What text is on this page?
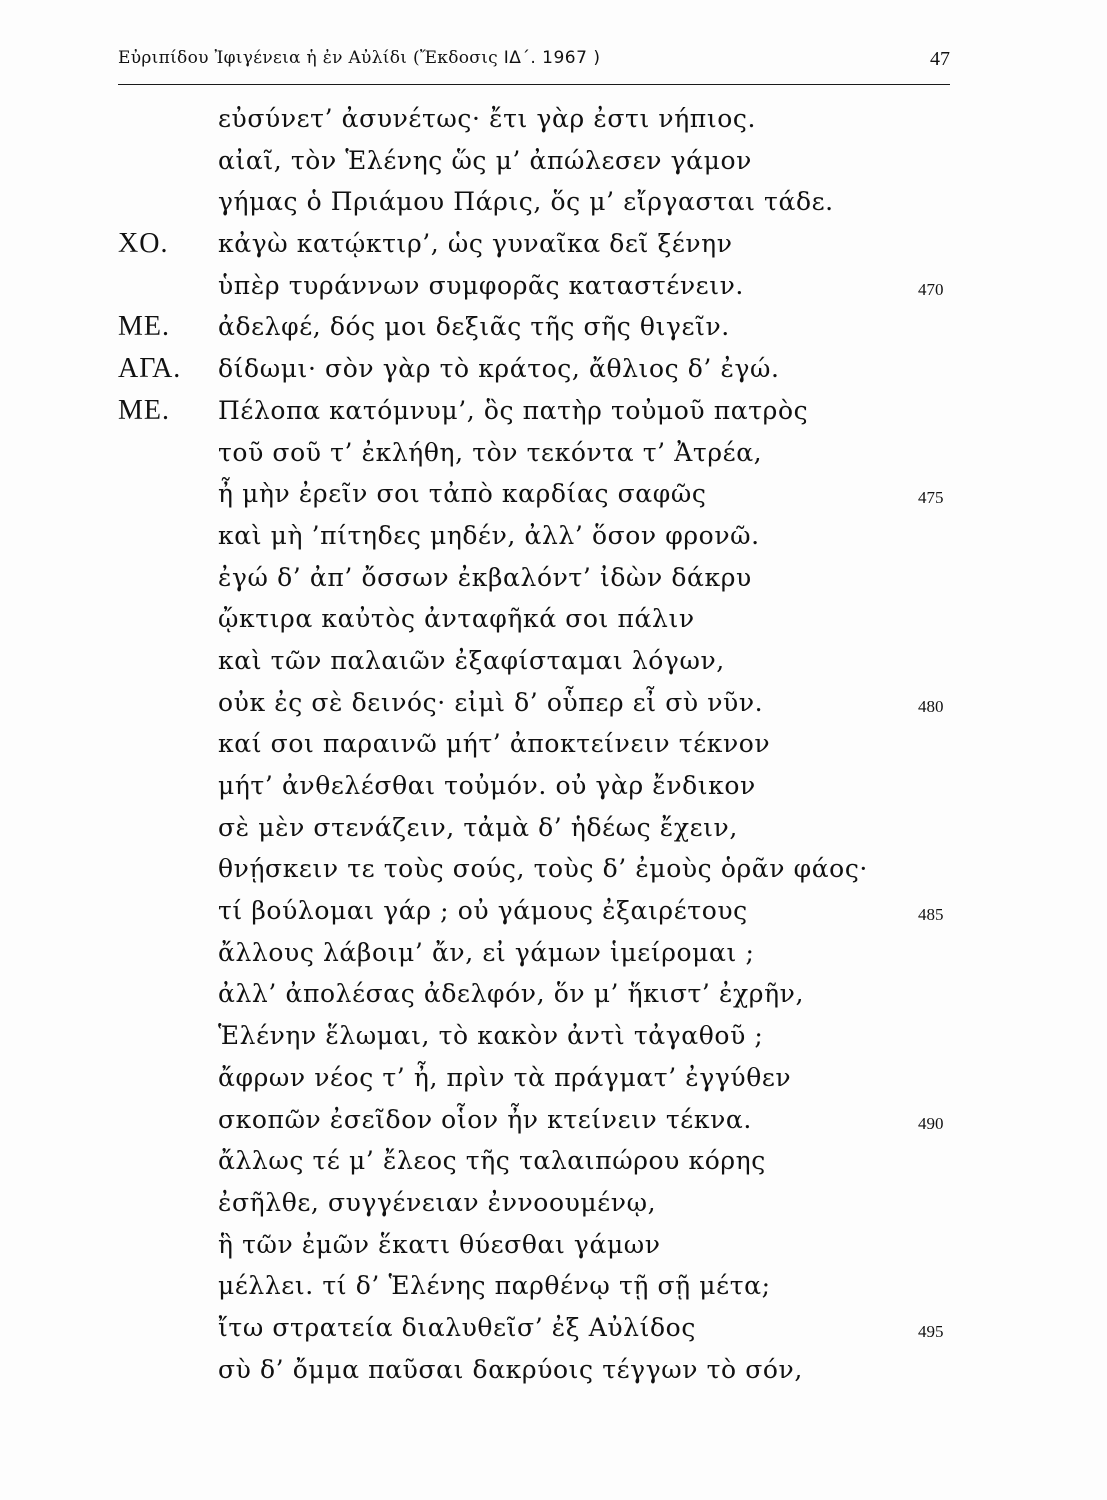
Εὐριπίδου Ἰφιγένεια ἡ ἐν Αὐλίδι (Ἔκδοσις ΙΔ΄. 1967 )	47
εὐσύνετ’ ἀσυνέτως· ἔτι γὰρ ἐστι νήπιος.
αἰαῖ, τὸν Ἑλένης ὥς μ’ ἀπώλεσεν γάμον
γήμας ὁ Πριάμου Πάρις, ὅς μ’ εἴργασται τάδε.
ΧΟ. κἀγὼ κατῴκτιρ’, ὡς γυναῖκα δεῖ ξένην
ὑπὲρ τυράννων συμφορᾶς καταστένειν.	470
ΜΕ. ἀδελφέ, δός μοι δεξιᾶς τῆς σῆς θιγεῖν.
ΑΓΑ. δίδωμι· σὸν γὰρ τὸ κράτος, ἄθλιος δ’ ἐγώ.
ΜΕ. Πέλοπα κατόμνυμ’, ὃς πατὴρ τοὐμοῦ πατρὸς
τοῦ σοῦ τ’ ἐκλήθη, τὸν τεκόντα τ’ Ἀτρέα,
ἦ μὴν ἐρεῖν σοι τἀπὸ καρδίας σαφῶς	475
καὶ μὴ ’πίτηδες μηδέν, ἀλλ’ ὅσον φρονῶ.
ἐγώ δ’ ἀπ’ ὄσσων ἐκβαλόντ’ ἰδὼν δάκρυ
ᾤκτιρα καὐτὸς ἀνταφῆκά σοι πάλιν
καὶ τῶν παλαιῶν ἐξαφίσταμαι λόγων,
οὐκ ἐς σὲ δεινός· εἰμὶ δ’ οὗπερ εἶ σὺ νῦν.	480
καί σοι παραινῶ μήτ’ ἀποκτείνειν τέκνον
μήτ’ ἀνθελέσθαι τοὐμόν. οὐ γὰρ ἔνδικον
σὲ μὲν στενάζειν, τἀμὰ δ’ ἡδέως ἔχειν,
θνῄσκειν τε τοὺς σούς, τοὺς δ’ ἐμοὺς ὁρᾶν φάος·
τί βούλομαι γάρ ; οὐ γάμους ἐξαιρέτους	485
ἄλλους λάβοιμ’ ἄν, εἰ γάμων ἱμείρομαι ;
ἀλλ’ ἀπολέσας ἀδελφόν, ὅν μ’ ἥκιστ’ ἐχρῆν,
Ἑλένην ἕλωμαι, τὸ κακὸν ἀντὶ τἀγαθοῦ ;
ἄφρων νέος τ’ ἦ, πρὶν τὰ πράγματ’ ἐγγύθεν
σκοπῶν ἐσεῖδον οἷον ἦν κτείνειν τέκνα.	490
ἄλλως τέ μ’ ἔλεος τῆς ταλαιπώρου κόρης
ἐσῆλθε, συγγένειαν ἐννοουμένῳ,
ἣ τῶν ἐμῶν ἕκατι θύεσθαι γάμων
μέλλει. τί δ’ Ἑλένης παρθένῳ τῇ σῇ μέτα;
ἴτω στρατεία διαλυθεῖσ’ ἐξ Αὐλίδος	495
σὺ δ’ ὄμμα παῦσαι δακρύοις τέγγων τὸ σόν,
